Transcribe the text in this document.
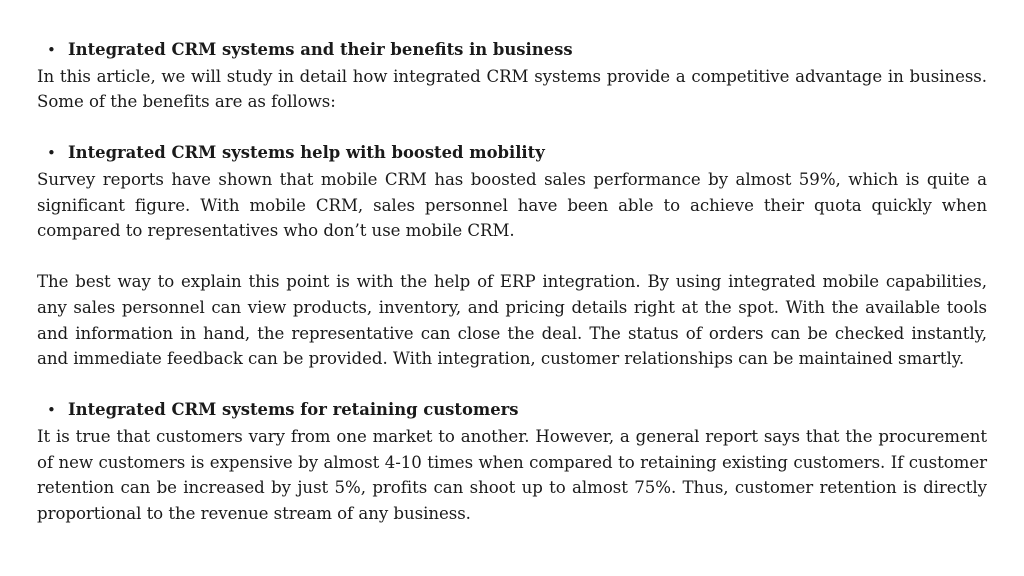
• Integrated CRM systems and their benefits in business

In this article, we will study in detail how integrated CRM systems provide a competitive advantage in business. Some of the benefits are as follows:

• Integrated CRM systems help with boosted mobility

Survey reports have shown that mobile CRM has boosted sales performance by almost 59%, which is quite a significant figure. With mobile CRM, sales personnel have been able to achieve their quota quickly when compared to representatives who don’t use mobile CRM.

The best way to explain this point is with the help of ERP integration. By using integrated mobile capabilities, any sales personnel can view products, inventory, and pricing details right at the spot. With the available tools and information in hand, the representative can close the deal. The status of orders can be checked instantly, and immediate feedback can be provided. With integration, customer relationships can be maintained smartly.

• Integrated CRM systems for retaining customers

It is true that customers vary from one market to another. However, a general report says that the procurement of new customers is expensive by almost 4-10 times when compared to retaining existing customers. If customer retention can be increased by just 5%, profits can shoot up to almost 75%. Thus, customer retention is directly proportional to the revenue stream of any business.
